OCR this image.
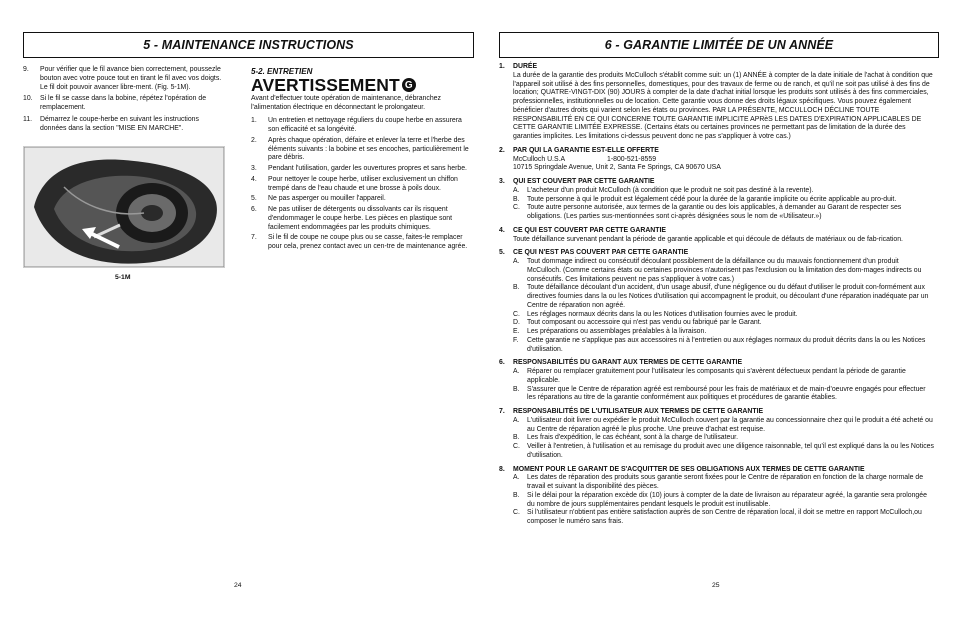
5 - MAINTENANCE INSTRUCTIONS	6 - GARANTIE LIMITÉE DE UN ANNÉE
9.	Pour vérifier que le fil avance bien correctement, poussezle bouton avec votre pouce tout en tirant le fil avec vos doigts. Le fil doit pouvoir avancer libre-ment. (Fig. 5-1M).
10.	Si le fil se casse dans la bobine, répétez l'opération de remplacement.
11.	Démarrez le coupe-herbe en suivant les instructions données dans la section "MISE EN MARCHE".
5-1M
5-2. ENTRETIEN
AVERTISSEMENT G
Avant d'effectuer toute opération de maintenance, débranchez l'alimentation électrique en déconnectant le prolongateur.
1.	Un entretien et nettoyage réguliers du coupe herbe en assurera son efficacité et sa longévité.
2.	Après chaque opération, défaire et enlever la terre et l'herbe des éléments suivants : la bobine et ses encoches, particulièrement le pare débris.
3.	Pendant l'utilisation, garder les ouvertures propres et sans herbe.
4.	Pour nettoyer le coupe herbe, utiliser exclusivement un chiffon trempé dans de l'eau chaude et une brosse à poils doux.
5.	Ne pas asperger ou mouiller l'appareil.
6.	Ne pas utiliser de détergents ou dissolvants car ils risquent d'endommager le coupe herbe. Les pièces en plastique sont facilement endommagées par les produits chimiques.
7.	Si le fil de coupe ne coupe plus ou se casse, faites-le remplacer pour cela, prenez contact avec un cen-tre de maintenance agrée.
1.	DURÉE
La durée de la garantie des produits McCulloch s'établit comme suit: un (1) ANNÉE à compter de la date initiale de l'achat à condition que l'appareil soit utilisé à des fins personnelles, domestiques, pour des travaux de ferme ou de ranch, et qu'il ne soit pas utilisé à des fins de location; QUATRE-VINGT-DIX (90) JOURS à compter de la date d'achat initial lorsque les produits sont utilisés à des fins commerciales, professionnelles, institutionnelles ou de location. Cette garantie vous donne des droits légaux spécifiques. Vous pouvez également bénéficier d'autres droits qui varient selon les états ou provinces. PAR LA PRÉSENTE, MCCULLOCH DÉCLINE TOUTE RESPONSABILITÉ EN CE QUI CONCERNE TOUTE GARANTIE IMPLICITE APRèS LES DATES D'EXPIRATION APPLICABLES DE CETTE GARANTIE LIMITÉE EXPRESSE. (Certains états ou certaines provinces ne permettant pas de limitation de la durée des garanties implicites. Les limitations ci-dessus peuvent donc ne pas s'appliquer à votre cas.)
2.	PAR QUI LA GARANTIE EST-ELLE OFFERTE
McCulloch U.S.A	1-800-521-8559
10715 Springdale Avenue, Unit 2, Santa Fe Springs, CA 90670 USA
3.	QUI EST COUVERT PAR CETTE GARANTIE
A.	L'acheteur d'un produit McCulloch (à condition que le produit ne soit pas destiné à la revente).
B.	Toute personne à qui le produit est légalement cédé pour la durée de la garantie implicite ou écrite applicable au pro-duit.
C.	Toute autre personne autorisée, aux termes de la garantie ou des lois applicables, à demander au Garant de respecter ses obligations. (Les parties sus-mentionnées sont ci-après désignées sous le nom de «Utilisateur.»)
4.	CE QUI EST COUVERT PAR CETTE GARANTIE
Toute défaillance survenant pendant la période de garantie applicable et qui découle de défauts de matériaux ou de fab-rication.
5.	CE QUI N'EST PAS COUVERT PAR CETTE GARANTIE
A.	Tout dommage indirect ou consécutif découlant possiblement de la défaillance ou du mauvais fonctionnement d'un produit McCulloch. (Comme certains états ou certaines provinces n'autorisent pas l'exclusion ou la limitation des dom-mages indirects ou consécutifs. Ces limitations peuvent ne pas s'appliquer à votre cas.)
B.	Toute défaillance découlant d'un accident, d'un usage abusif, d'une négligence ou du défaut d'utiliser le produit con-formément aux directives fournies dans la ou les Notices d'utilisation qui accompagnent le produit, ou découlant d'une réparation inadéquate par un Centre de réparation non agréé.
C.	Les réglages normaux décrits dans la ou les Notices d'utilisation fournies avec le produit.
D.	Tout composant ou accessoire qui n'est pas vendu ou fabriqué par le Garant.
E.	Les préparations ou assemblages préalables à la livraison.
F.	Cette garantie ne s'applique pas aux accessoires ni à l'entretien ou aux réglages normaux du produit décrits dans la ou les Notices d'utilisation.
6.	RESPONSABILITÉS DU GARANT AUX TERMES DE CETTE GARANTIE
A.	Réparer ou remplacer gratuitement pour l'utilisateur les composants qui s'avèrent défectueux pendant la période de garantie applicable.
B.	S'assurer que le Centre de réparation agréé est remboursé pour les frais de matériaux et de main-d'oeuvre engagés pour effectuer les réparations au titre de la garantie conformément aux politiques et procédures de garantie établies.
7.	RESPONSABILITÉS DE L'UTILISATEUR AUX TERMES DE CETTE GARANTIE
A.	L'utilisateur doit livrer ou expédier le produit McCulloch couvert par la garantie au concessionnaire chez qui le produit a été acheté ou au Centre de réparation agréé le plus proche. Une preuve d'achat est requise.
B.	Les frais d'expédition, le cas échéant, sont à la charge de l'utilisateur.
C.	Veiller à l'entretien, à l'utilisation et au remisage du produit avec une diligence raisonnable, tel qu'il est expliqué dans la ou les Notices d'utilisation.
8.	MOMENT POUR LE GARANT DE S'ACQUITTER DE SES OBLIGATIONS AUX TERMES DE CETTE GARANTIE
A.	Les dates de réparation des produits sous garantie seront fixées pour le Centre de réparation en fonction de la charge normale de travail et suivant la disponibilité des pièces.
B.	Si le délai pour la réparation excède dix (10) jours à compter de la date de livraison au réparateur agréé, la garantie sera prolongée du nombre de jours supplémentaires pendant lesquels le produit est inutilisable.
C.	Si l'utilisateur n'obtient pas entière satisfaction auprès de son Centre de réparation local, il doit se mettre en rapport McCulloch,ou composer le numéro sans frais.
24	25
